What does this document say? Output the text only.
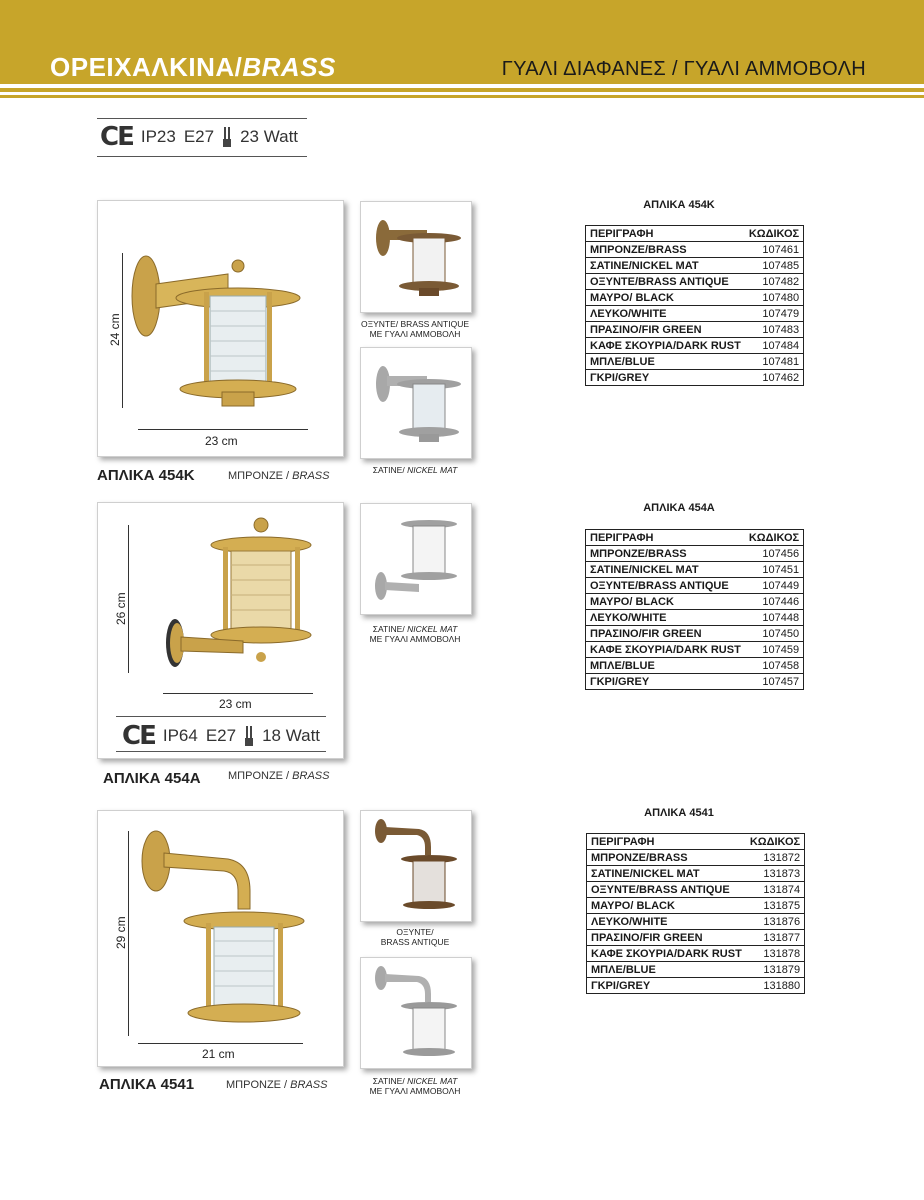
ΟΡΕΙΧΑΛΚΙΝΑ/BRASS	ΓΥΑΛΙ ΔΙΑΦΑΝΕΣ / ΓΥΑΛΙ ΑΜΜΟΒΟΛΗ
CE IP23 E27 23 Watt
24 cm
23 cm
ΟΞΥΝΤΕ/ BRASS ANTIQUE
ΜΕ ΓΥΑΛΙ ΑΜΜΟΒΟΛΗ
ΣΑΤΙΝΕ/ NICKEL MAT
ΑΠΛΙΚΑ 454Κ	ΜΠΡΟΝΖΕ / BRASS
ΑΠΛΙΚΑ 454Κ
ΠΕΡΙΓΡΑΦΗ	ΚΩΔΙΚΟΣ
ΜΠΡΟΝΖΕ/BRASS	107461
ΣΑΤΙΝΕ/NICKEL MAT	107485
ΟΞΥΝΤΕ/BRASS ANTIQUE	107482
ΜΑΥΡΟ/ BLACK	107480
ΛΕΥΚΟ/WHITE	107479
ΠΡΑΣΙΝΟ/FIR GREEN	107483
ΚΑΦΕ ΣΚΟΥΡΙΑ/DARK RUST	107484
ΜΠΛΕ/BLUE	107481
ΓΚΡΙ/GREY	107462
26 cm
23 cm
CE IP64 E27 18 Watt
ΣΑΤΙΝΕ/ NICKEL MAT
ΜΕ ΓΥΑΛΙ ΑΜΜΟΒΟΛΗ
ΑΠΛΙΚΑ 454Α ΜΠΡΟΝΖΕ / BRASS
ΑΠΛΙΚΑ 454Α
ΠΕΡΙΓΡΑΦΗ	ΚΩΔΙΚΟΣ
ΜΠΡΟΝΖΕ/BRASS	107456
ΣΑΤΙΝΕ/NICKEL MAT	107451
ΟΞΥΝΤΕ/BRASS ANTIQUE	107449
ΜΑΥΡΟ/ BLACK	107446
ΛΕΥΚΟ/WHITE	107448
ΠΡΑΣΙΝΟ/FIR GREEN	107450
ΚΑΦΕ ΣΚΟΥΡΙΑ/DARK RUST	107459
ΜΠΛΕ/BLUE	107458
ΓΚΡΙ/GREY	107457
29 cm
21 cm
ΟΞΥΝΤΕ/
BRASS ANTIQUE
ΣΑΤΙΝΕ/ NICKEL MAT
ΜΕ ΓΥΑΛΙ ΑΜΜΟΒΟΛΗ
ΑΠΛΙΚΑ 4541	ΜΠΡΟΝΖΕ / BRASS
ΑΠΛΙΚΑ 4541
ΠΕΡΙΓΡΑΦΗ	ΚΩΔΙΚΟΣ
ΜΠΡΟΝΖΕ/BRASS	131872
ΣΑΤΙΝΕ/NICKEL MAT	131873
ΟΞΥΝΤΕ/BRASS ANTIQUE	131874
ΜΑΥΡΟ/ BLACK	131875
ΛΕΥΚΟ/WHITE	131876
ΠΡΑΣΙΝΟ/FIR GREEN	131877
ΚΑΦΕ ΣΚΟΥΡΙΑ/DARK RUST	131878
ΜΠΛΕ/BLUE	131879
ΓΚΡΙ/GREY	131880
